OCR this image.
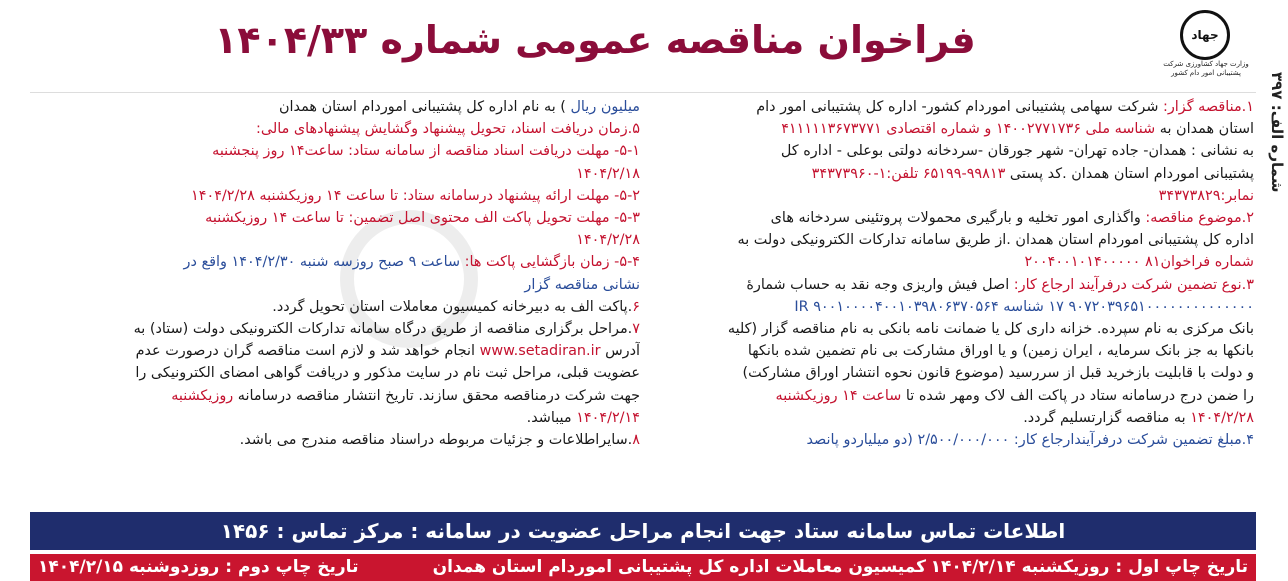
شماره الف: ۳۹۷
جهاد
وزارت جهاد کشاورزی شرکت پشتیبانی امور دام کشور
فراخوان مناقصه عمومی شماره ۱۴۰۴/۳۳
۱.مناقصه گزار: شرکت سهامی پشتیبانی اموردام کشور- اداره کل پشتیبانی امور دام
استان همدان به شناسه ملی ۱۴۰۰۲۷۷۱۷۳۶ و شماره اقتصادی ۴۱۱۱۱۱۳۶۷۳۷۷۱
به نشانی : همدان- جاده تهران- شهر جورقان -سردخانه دولتی بوعلی - اداره کل
پشتیبانی اموردام استان همدان .کد پستی ۹۹۸۱۳-۶۵۱۹۹ تلفن:۱-۳۴۳۷۳۹۶۰
نمابر:۳۴۳۷۳۸۲۹
۲.موضوع مناقصه: واگذاری امور تخلیه و بارگیری محمولات پروتئینی سردخانه های
اداره کل پشتیبانی اموردام استان همدان .از طریق سامانه تدارکات الکترونیکی دولت به
شماره فراخوان۸۱ ۲۰۰۴۰۰۱۰۱۴۰۰۰۰۰
۳.نوع تضمین شرکت درفرآیند ارجاع کار: اصل فیش واریزی وجه نقد به حساب شمارهٔ
۹۰۷۲۰۳۹۶۵۱۰۰۰۰۰۰۰۰۰۰۰۰۰۰ ۱۷ شناسه IR ۹۰۰۱۰۰۰۰۴۰۰۱۰۳۹۸۰۶۳۷۰۵۶۴
بانک مرکزی به نام سپرده. خزانه داری کل یا ضمانت نامه بانکی به نام مناقصه گزار (کلیه
بانکها به جز بانک سرمایه ، ایران زمین) و یا اوراق مشارکت بی نام تضمین شده بانکها
و دولت با قابلیت بازخرید قبل از سررسید (موضوع قانون نحوه انتشار اوراق مشارکت)
را ضمن درج درسامانه ستاد در پاکت الف لاک ومهر شده تا ساعت ۱۴ روزیکشنبه
۱۴۰۴/۲/۲۸ به مناقصه گزارتسلیم گردد.
۴.مبلغ تضمین شرکت درفرآیندارجاع کار: ۲/۵۰۰/۰۰۰/۰۰۰ (دو میلیاردو پانصد
میلیون ریال ) به نام اداره کل پشتیبانی اموردام استان همدان
۵.زمان دریافت اسناد، تحویل پیشنهاد وگشایش پیشنهادهای مالی:
۵-۱- مهلت دریافت اسناد مناقصه از سامانه ستاد: ساعت۱۴ روز پنجشنبه
۱۴۰۴/۲/۱۸
۵-۲- مهلت ارائه پیشنهاد درسامانه ستاد: تا ساعت ۱۴ روزیکشنبه ۱۴۰۴/۲/۲۸
۵-۳- مهلت تحویل پاکت الف محتوی اصل تضمین: تا ساعت ۱۴ روزیکشنبه
۱۴۰۴/۲/۲۸
۵-۴- زمان بازگشایی پاکت ها: ساعت ۹ صبح روزسه شنبه ۱۴۰۴/۲/۳۰ واقع در
نشانی مناقصه گزار
۶.پاکت الف به دبیرخانه کمیسیون معاملات استان تحویل گردد.
۷.مراحل برگزاری مناقصه از طریق درگاه سامانه تدارکات الکترونیکی دولت (ستاد) به
آدرس www.setadiran.ir انجام خواهد شد و لازم است مناقصه گران درصورت عدم
عضویت قبلی، مراحل ثبت نام در سایت مذکور و دریافت گواهی امضای الکترونیکی را
جهت شرکت درمناقصه محقق سازند. تاریخ انتشار مناقصه درسامانه روزیکشنبه
۱۴۰۴/۲/۱۴ میباشد.
۸.سایراطلاعات و جزئیات مربوطه دراسناد مناقصه مندرج می باشد.
اطلاعات تماس سامانه ستاد جهت انجام مراحل عضویت در سامانه : مرکز تماس : ۱۴۵۶
تاریخ چاپ اول : روزیکشنبه ۱۴۰۴/۲/۱۴
کمیسیون معاملات اداره کل پشتیبانی اموردام استان همدان
تاریخ چاپ دوم : روزدوشنبه ۱۴۰۴/۲/۱۵
